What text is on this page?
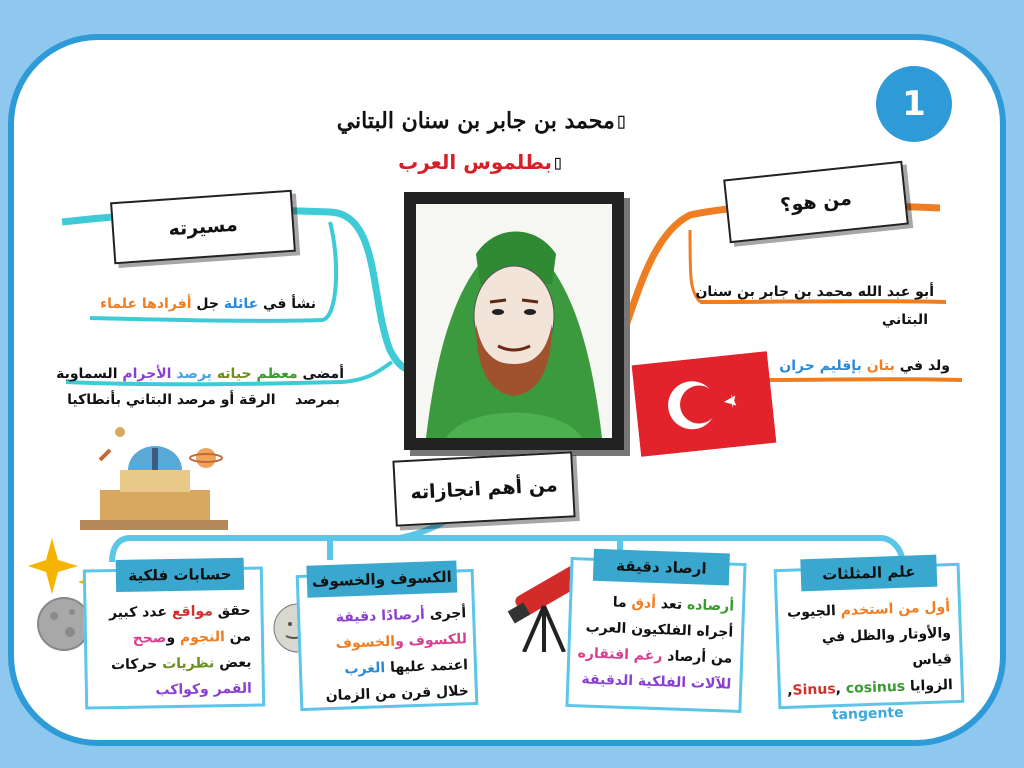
1
▯محمد بن جابر بن سنان البتاني
▯بطلموس العرب
مسيرته
من هو؟
من أهم انجازاته
نشأ في عائلة جل أفرادها علماء
أمضى معظم حياته يرصد الأجرام السماوية
بمرصد    الرقة أو مرصد البتاني بأنطاكيا
أبو عبد الله محمد بن جابر بن سنان
البتاني
ولد في بتان بإقليم حران
حسابات فلكية
حقق مواقع عدد كبير
من النجوم وصحح
بعض نظريات حركات
القمر وكواكب
الكسوف والخسوف
أجرى أرصادًا دقيقة
للكسوف والخسوف
اعتمد عليها الغرب
خلال قرن من الزمان
ارصاد دقيقة
أرصاده تعد أدق ما
أجراه الفلكيون العرب
من أرصاد رغم افتقاره
للآلات الفلكية الدقيقة
علم المثلثات
أول من استخدم الجيوب
والأوتار والظل في قياس
الزوايا Sinus, cosinus,
tangente
